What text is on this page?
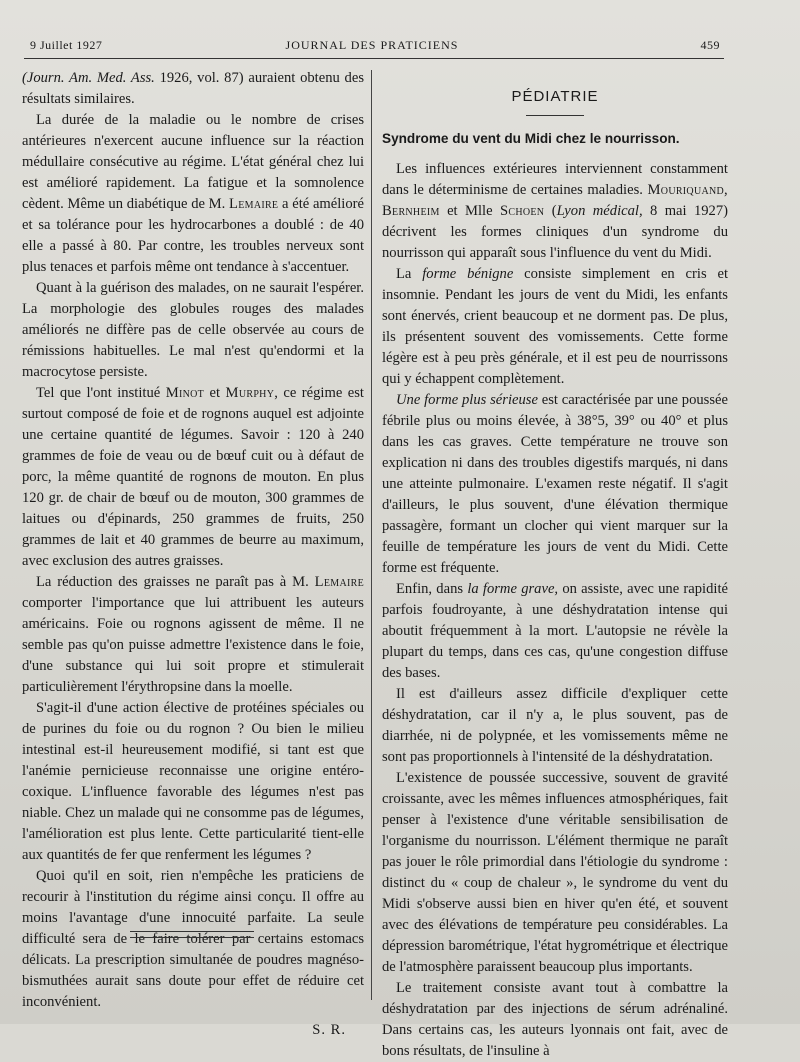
9 Juillet 1927	JOURNAL DES PRATICIENS	459

(Journ. Am. Med. Ass. 1926, vol. 87) auraient obtenu des résultats similaires.

La durée de la maladie ou le nombre de crises antérieures n'exercent aucune influence sur la réaction médullaire consécutive au régime. L'état général chez lui est amélioré rapidement. La fatigue et la somnolence cèdent. Même un diabétique de M. Lemaire a été amélioré et sa tolérance pour les hydrocarbones a doublé : de 40 elle a passé à 80. Par contre, les troubles nerveux sont plus tenaces et parfois même ont tendance à s'accentuer.

Quant à la guérison des malades, on ne saurait l'espérer. La morphologie des globules rouges des malades améliorés ne diffère pas de celle observée au cours de rémissions habituelles. Le mal n'est qu'endormi et la macrocytose persiste.

Tel que l'ont institué Minot et Murphy, ce régime est surtout composé de foie et de rognons auquel est adjointe une certaine quantité de légumes. Savoir : 120 à 240 grammes de foie de veau ou de bœuf cuit ou à défaut de porc, la même quantité de rognons de mouton. En plus 120 gr. de chair de bœuf ou de mouton, 300 grammes de laitues ou d'épinards, 250 grammes de fruits, 250 grammes de lait et 40 grammes de beurre au maximum, avec exclusion des autres graisses.

La réduction des graisses ne paraît pas à M. Lemaire comporter l'importance que lui attribuent les auteurs américains. Foie ou rognons agissent de même. Il ne semble pas qu'on puisse admettre l'existence dans le foie, d'une substance qui lui soit propre et stimulerait particulièrement l'érythropsine dans la moelle.

S'agit-il d'une action élective de protéines spéciales ou de purines du foie ou du rognon ? Ou bien le milieu intestinal est-il heureusement modifié, si tant est que l'anémie pernicieuse reconnaisse une origine entéro-coxique. L'influence favorable des légumes n'est pas niable. Chez un malade qui ne consomme pas de légumes, l'amélioration est plus lente. Cette particularité tient-elle aux quantités de fer que renferment les légumes ?

Quoi qu'il en soit, rien n'empêche les praticiens de recourir à l'institution du régime ainsi conçu. Il offre au moins l'avantage d'une innocuité parfaite. La seule difficulté sera de le faire tolérer par certains estomacs délicats. La prescription simultanée de poudres magnéso-bismuthées aurait sans doute pour effet de réduire cet inconvénient.

S. R.

PÉDIATRIE

Syndrome du vent du Midi chez le nourrisson.

Les influences extérieures interviennent constamment dans le déterminisme de certaines maladies. Mouriquand, Bernheim et Mlle Schoen (Lyon médical, 8 mai 1927) décrivent les formes cliniques d'un syndrome du nourrisson qui apparaît sous l'influence du vent du Midi.

La forme bénigne consiste simplement en cris et insomnie. Pendant les jours de vent du Midi, les enfants sont énervés, crient beaucoup et ne dorment pas. De plus, ils présentent souvent des vomissements. Cette forme légère est à peu près générale, et il est peu de nourrissons qui y échappent complètement.

Une forme plus sérieuse est caractérisée par une poussée fébrile plus ou moins élevée, à 38°5, 39° ou 40° et plus dans les cas graves. Cette température ne trouve son explication ni dans des troubles digestifs marqués, ni dans une atteinte pulmonaire. L'examen reste négatif. Il s'agit d'ailleurs, le plus souvent, d'une élévation thermique passagère, formant un clocher qui vient marquer sur la feuille de température les jours de vent du Midi. Cette forme est fréquente.

Enfin, dans la forme grave, on assiste, avec une rapidité parfois foudroyante, à une déshydratation intense qui aboutit fréquemment à la mort. L'autopsie ne révèle la plupart du temps, dans ces cas, qu'une congestion diffuse des bases.

Il est d'ailleurs assez difficile d'expliquer cette déshydratation, car il n'y a, le plus souvent, pas de diarrhée, ni de polypnée, et les vomissements même ne sont pas proportionnels à l'intensité de la déshydratation.

L'existence de poussée successive, souvent de gravité croissante, avec les mêmes influences atmosphériques, fait penser à l'existence d'une véritable sensibilisation de l'organisme du nourrisson. L'élément thermique ne paraît pas jouer le rôle primordial dans l'étiologie du syndrome : distinct du « coup de chaleur », le syndrome du vent du Midi s'observe aussi bien en hiver qu'en été, et souvent avec des élévations de température peu considérables. La dépression barométrique, l'état hygrométrique et électrique de l'atmosphère paraissent beaucoup plus importants.

Le traitement consiste avant tout à combattre la déshydratation par des injections de sérum adrénaliné. Dans certains cas, les auteurs lyonnais ont fait, avec de bons résultats, de l'insuline à
